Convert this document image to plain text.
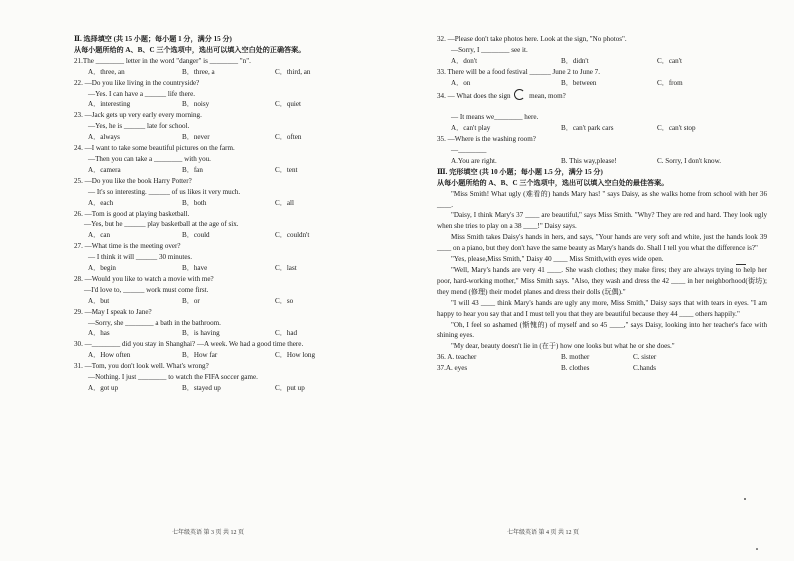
Ⅱ. 选择填空 (共 15 小题；每小题 1 分，满分 15 分)
从每小题所给的 A、B、C 三个选项中，选出可以填入空白处的正确答案。
21.The ________ letter in the word "danger" is ________ "n".
A．three, an	B．three, a	C．third, an
22. —Do you like living in the countryside?
—Yes. I can have a ______ life there.
A．interesting	B．noisy	C．quiet
23. —Jack gets up very early every morning.
—Yes, he is ______ late for school.
A．always	B．never	C．often
24. —I want to take some beautiful pictures on the farm.
—Then you can take a ________ with you.
A．camera	B．fan	C．tent
25. —Do you like the book Harry Potter?
— It's so interesting. ______ of us likes it very much.
A．each	B．both	C．all
26. —Tom is good at playing basketball.
—Yes, but he ______ play basketball at the age of six.
A．can	B．could	C．couldn't
27. —What time is the meeting over?
— I think it will ______ 30 minutes.
A．begin	B．have	C．last
28. —Would you like to watch a movie with me?
—I'd love to, ______ work must come first.
A．but	B．or	C．so
29. —May I speak to Jane?
—Sorry, she ________ a bath in the bathroom.
A．has	B．is having	C．had
30. —________ did you stay in Shanghai? —A week. We had a good time there.
A．How often	B．How far	C．How long
31. —Tom, you don't look well. What's wrong?
—Nothing. I just ________ to watch the FIFA soccer game.
A．got up	B．stayed up	C．put up
七年级英语 第 3 页 共 12 页
32. —Please don't take photos here. Look at the sign, "No photos".
—Sorry, I ________ see it.
A．don't	B．didn't	C．can't
33. There will be a food festival ______ June 2 to June 7.
A．on	B．between	C．from
34. — What does the sign	mean, mom?
— It means we________ here.
A．can't play	B．can't park cars	C．can't stop
35. —Where is the washing room?
—________
A.You are right.	B. This way,please!	C. Sorry, I don't know.
Ⅲ. 完形填空 (共 10 小题；每小题 1.5 分，满分 15 分)
从每小题所给的 A、B、C 三个选项中，选出可以填入空白处的最佳答案。
"Miss Smith! What ugly (难看的) hands Mary has! " says Daisy, as she walks home from school with her 36 ____.
"Daisy, I think Mary's 37 ____ are beautiful," says Miss Smith. "Why? They are red and hard. They look ugly when she tries to play on a 38 ____!" Daisy says.
Miss Smith takes Daisy's hands in hers, and says, "Your hands are very soft and white, just the hands look 39 ____ on a piano, but they don't have the same beauty as Mary's hands do. Shall I tell you what the difference is?"
"Yes, please,Miss Smith," Daisy 40 ____ Miss Smith,with eyes wide open.
"Well, Mary's hands are very 41 ____. She wash clothes; they make fires; they are always trying to help her poor, hard-working mother," Miss Smith says. "Also, they wash and dress the 42 ____ in her neighborhood(街坊); they mend (修理) their model planes and dress their dolls (玩偶)."
"I will 43 ____ think Mary's hands are ugly any more, Miss Smith," Daisy says that with tears in eyes. "I am happy to hear you say that and I must tell you that they are beautiful because they 44 ____ others happily."
"Oh, I feel so ashamed (惭愧的) of myself and so 45 ____," says Daisy, looking into her teacher's face with shining eyes.
"My dear, beauty doesn't lie in (在于) how one looks but what he or she does."
36. A. teacher	B. mother	C. sister
37.A. eyes	B. clothes	C.hands
七年级英语 第 4 页 共 12 页
